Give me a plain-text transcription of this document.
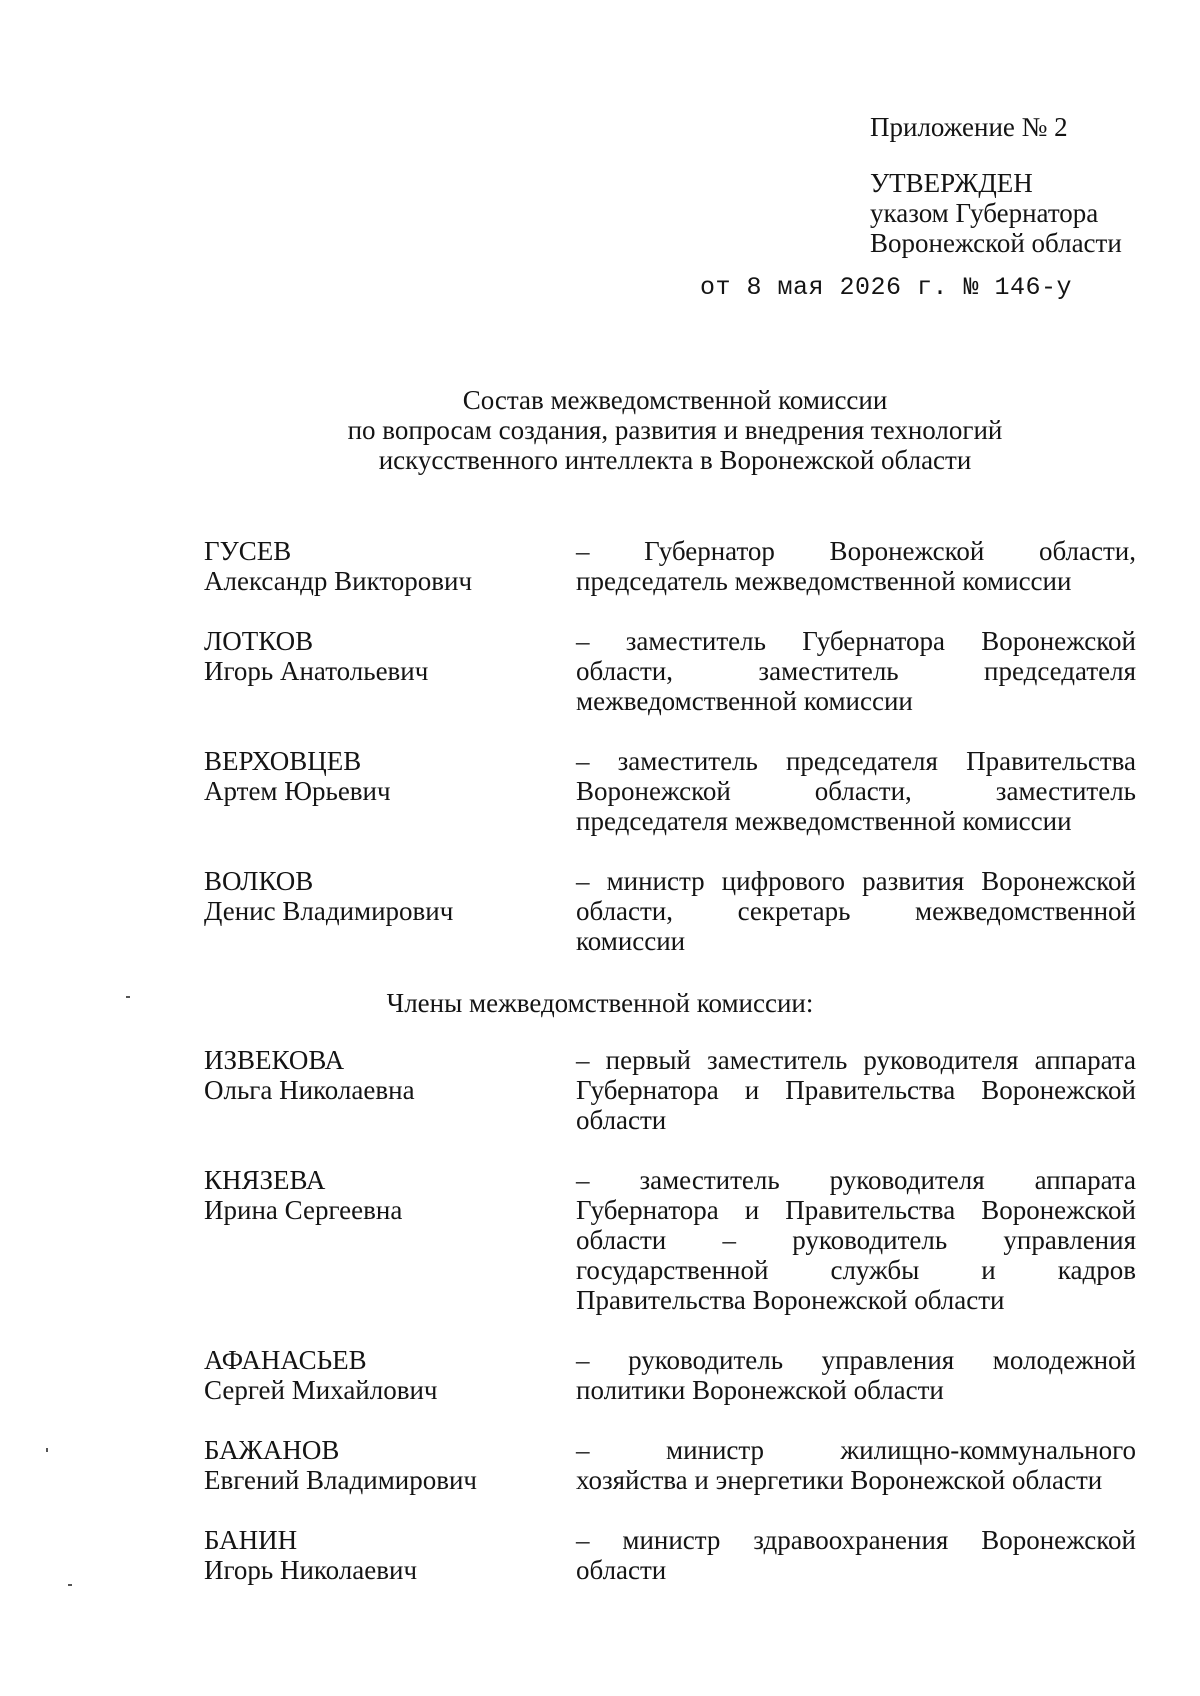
Приложение № 2
УТВЕРЖДЕН
указом Губернатора
Воронежской области
от 8 мая 2026 г. № 146-у
Состав межведомственной комиссии
по вопросам создания, развития и внедрения технологий
искусственного интеллекта в Воронежской области
ГУСЕВ
Александр Викторович
– Губернатор Воронежской области,
председатель межведомственной комиссии
ЛОТКОВ
Игорь Анатольевич
– заместитель Губернатора Воронежской
области, заместитель председателя
межведомственной комиссии
ВЕРХОВЦЕВ
Артем Юрьевич
– заместитель председателя Правительства
Воронежской области, заместитель
председателя межведомственной комиссии
ВОЛКОВ
Денис Владимирович
– министр цифрового развития Воронежской
области, секретарь межведомственной
комиссии
Члены межведомственной комиссии:
ИЗВЕКОВА
Ольга Николаевна
– первый заместитель руководителя аппарата
Губернатора и Правительства Воронежской
области
КНЯЗЕВА
Ирина Сергеевна
– заместитель руководителя аппарата
Губернатора и Правительства Воронежской
области – руководитель управления
государственной службы и кадров
Правительства Воронежской области
АФАНАСЬЕВ
Сергей Михайлович
– руководитель управления молодежной
политики Воронежской области
БАЖАНОВ
Евгений Владимирович
– министр жилищно-коммунального
хозяйства и энергетики Воронежской области
БАНИН
Игорь Николаевич
– министр здравоохранения Воронежской
области
